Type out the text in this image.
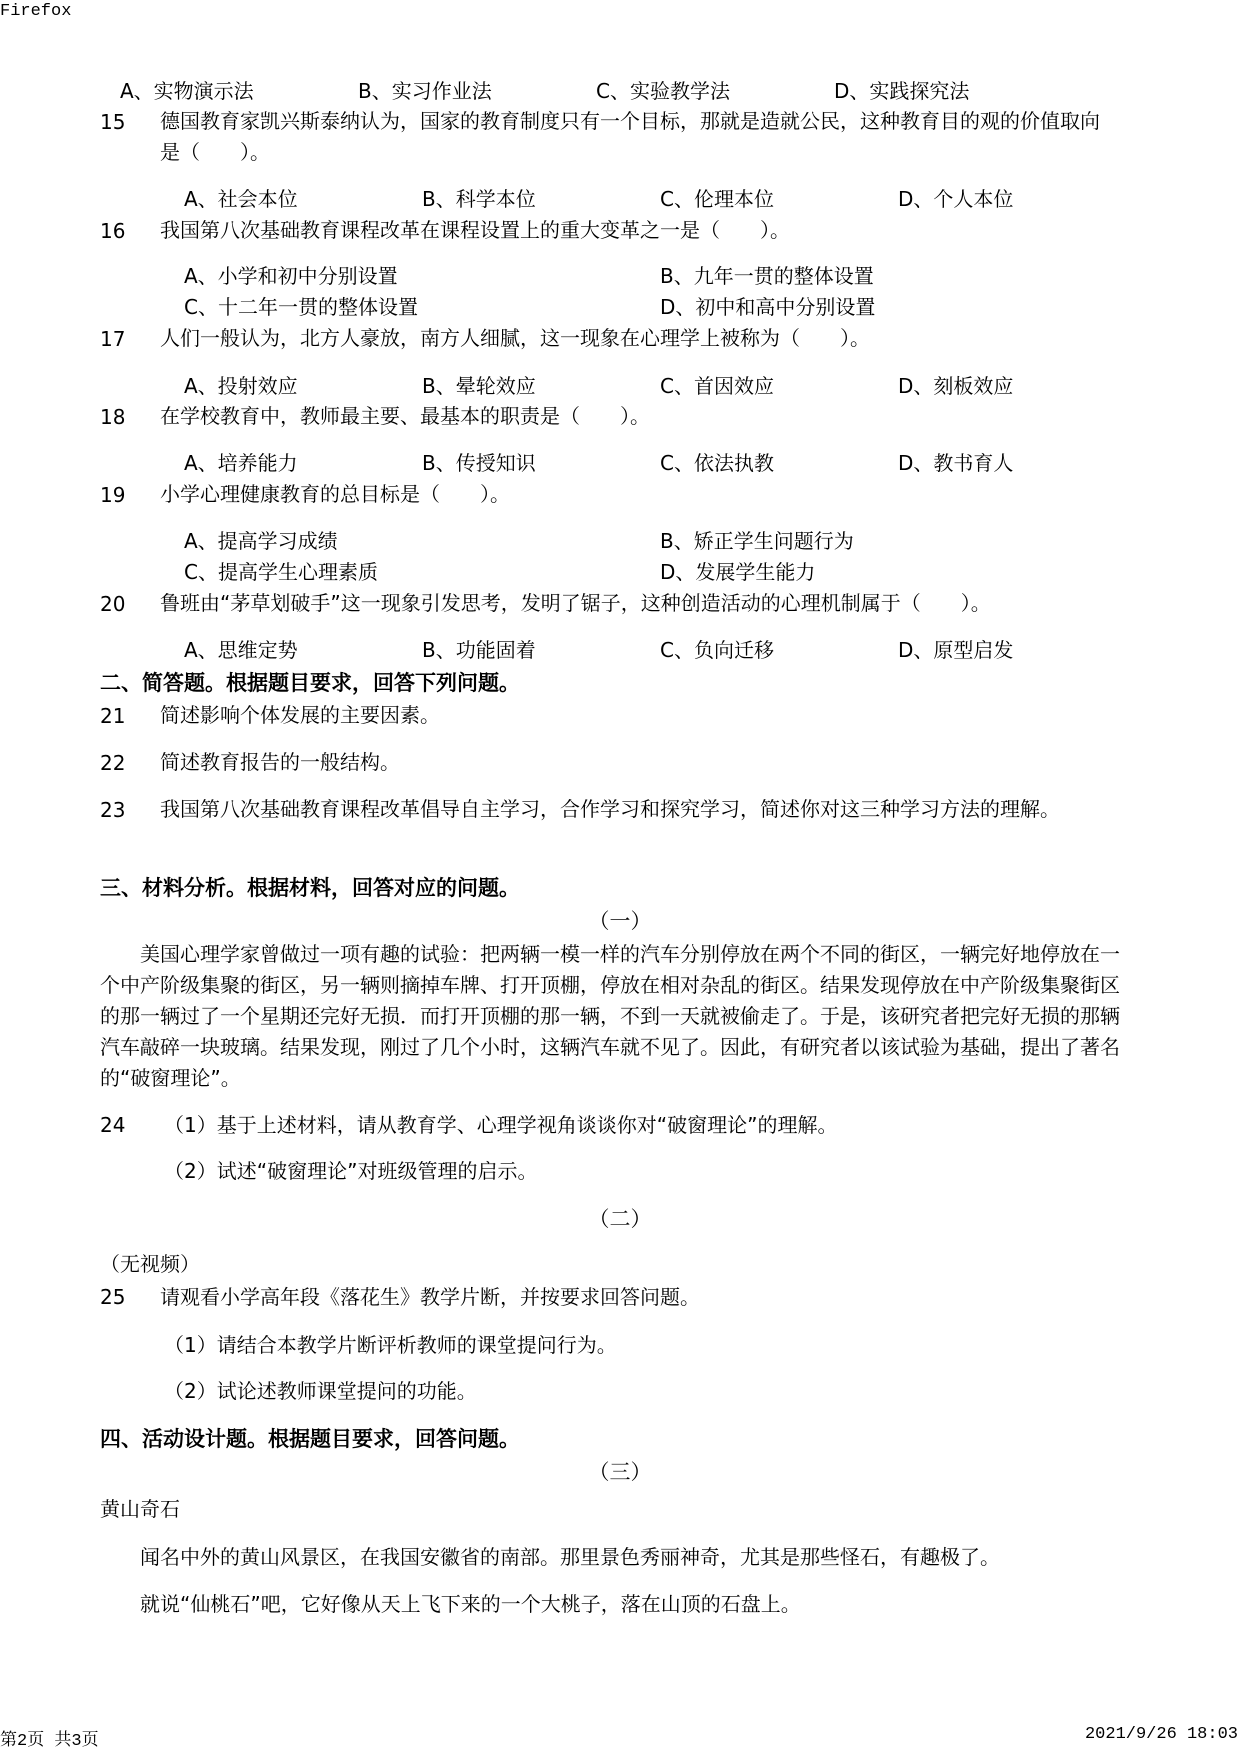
Firefox
A、实物演示法	B、实习作业法	C、实验教学法	D、实践探究法
15 德国教育家凯兴斯泰纳认为，国家的教育制度只有一个目标，那就是造就公民，这种教育目的观的价值取向是（　　）。
A、社会本位	B、科学本位	C、伦理本位	D、个人本位
16 我国第八次基础教育课程改革在课程设置上的重大变革之一是（　　）。
A、小学和初中分别设置	B、九年一贯的整体设置
C、十二年一贯的整体设置	D、初中和高中分别设置
17 人们一般认为，北方人豪放，南方人细腻，这一现象在心理学上被称为（　　）。
A、投射效应	B、晕轮效应	C、首因效应	D、刻板效应
18 在学校教育中，教师最主要、最基本的职责是（　　）。
A、培养能力	B、传授知识	C、依法执教	D、教书育人
19 小学心理健康教育的总目标是（　　）。
A、提高学习成绩	B、矫正学生问题行为
C、提高学生心理素质	D、发展学生能力
20 鲁班由“茅草划破手”这一现象引发思考，发明了锯子，这种创造活动的心理机制属于（　　）。
A、思维定势	B、功能固着	C、负向迁移	D、原型启发
二、简答题。根据题目要求，回答下列问题。
21 简述影响个体发展的主要因素。
22 简述教育报告的一般结构。
23 我国第八次基础教育课程改革倡导自主学习，合作学习和探究学习，简述你对这三种学习方法的理解。
三、材料分析。根据材料，回答对应的问题。
（一）
美国心理学家曾做过一项有趣的试验：把两辆一模一样的汽车分别停放在两个不同的街区，一辆完好地停放在一个中产阶级集聚的街区，另一辆则摘掉车牌、打开顶棚，停放在相对杂乱的街区。结果发现停放在中产阶级集聚街区的那一辆过了一个星期还完好无损．而打开顶棚的那一辆，不到一天就被偷走了。于是，该研究者把完好无损的那辆汽车敲碎一块玻璃。结果发现，刚过了几个小时，这辆汽车就不见了。因此，有研究者以该试验为基础，提出了著名的“破窗理论”。
24 （1）基于上述材料，请从教育学、心理学视角谈谈你对“破窗理论”的理解。
（2）试述“破窗理论”对班级管理的启示。
（二）
（无视频）
25 请观看小学高年段《落花生》教学片断，并按要求回答问题。
（1）请结合本教学片断评析教师的课堂提问行为。
（2）试论述教师课堂提问的功能。
四、活动设计题。根据题目要求，回答问题。
（三）
黄山奇石
闻名中外的黄山风景区，在我国安徽省的南部。那里景色秀丽神奇，尤其是那些怪石，有趣极了。
就说“仙桃石”吧，它好像从天上飞下来的一个大桃子，落在山顶的石盘上。
第2页 共3页	2021/9/26 18:03
